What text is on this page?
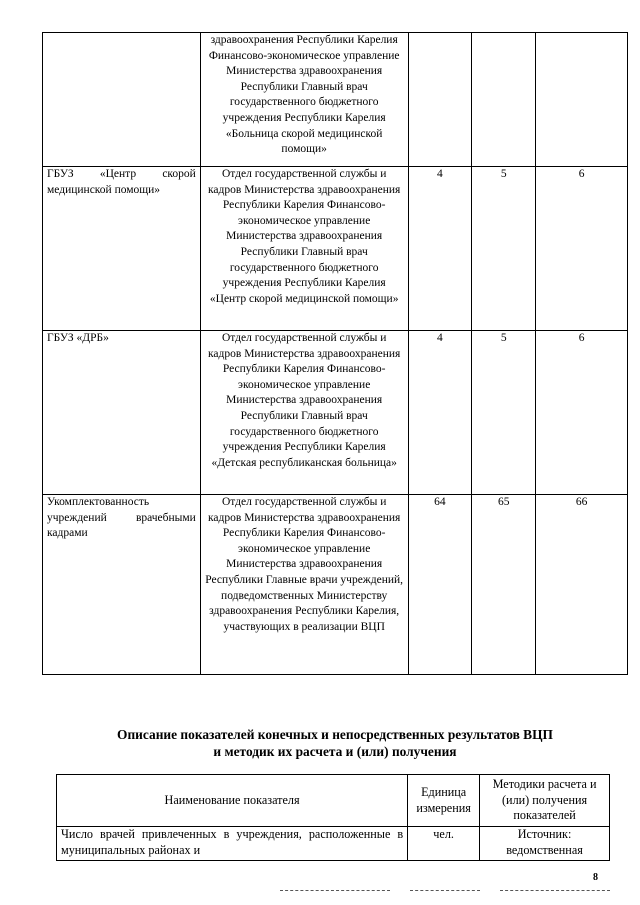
	здравоохранения Республики Карелия Финансово-экономическое управление Министерства здравоохранения Республики Главный врач государственного бюджетного учреждения Республики Карелия «Больница скорой медицинской помощи»			
ГБУЗ «Центр скорой медицинской помощи»	Отдел государственной службы и кадров Министерства здравоохранения Республики Карелия Финансово-экономическое управление Министерства здравоохранения Республики Главный врач государственного бюджетного учреждения Республики Карелия «Центр скорой медицинской помощи»	4	5	6
ГБУЗ «ДРБ»	Отдел государственной службы и кадров Министерства здравоохранения Республики Карелия Финансово-экономическое управление Министерства здравоохранения Республики Главный врач государственного бюджетного учреждения Республики Карелия «Детская республиканская больница»	4	5	6
Укомплектованность учреждений врачебными кадрами	Отдел государственной службы и кадров Министерства здравоохранения Республики Карелия Финансово-экономическое управление Министерства здравоохранения Республики Главные врачи учреждений, подведомственных Министерству здравоохранения Республики Карелия, участвующих в реализации ВЦП	64	65	66
Описание показателей конечных и непосредственных результатов ВЦП
и методик их расчета и (или) получения
Наименование показателя	Единица измерения	Методики расчета и (или) получения показателей
Число врачей привлеченных в учреждения, расположенные в муниципальных районах и	чел.	Источник: ведомственная
8
